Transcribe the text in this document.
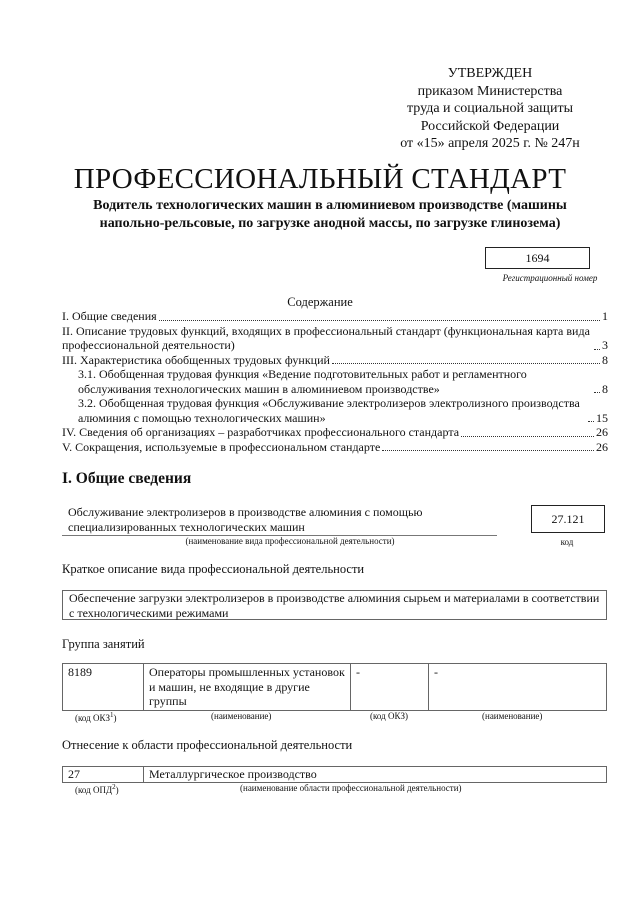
УТВЕРЖДЕН
приказом Министерства
труда и социальной защиты
Российской Федерации
от «15» апреля 2025 г. № 247н
ПРОФЕССИОНАЛЬНЫЙ СТАНДАРТ
Водитель технологических машин в алюминиевом производстве (машины напольно-рельсовые, по загрузке анодной массы, по загрузке глинозема)
1694
Регистрационный номер
Содержание
I. Общие сведения	1
II. Описание трудовых функций, входящих в профессиональный стандарт (функциональная карта вида профессиональной деятельности)	3
III. Характеристика обобщенных трудовых функций	8
3.1. Обобщенная трудовая функция «Ведение подготовительных работ и регламентного обслуживания технологических машин в алюминиевом производстве»	8
3.2. Обобщенная трудовая функция «Обслуживание электролизеров электролизного производства алюминия с помощью технологических машин»	15
IV. Сведения об организациях – разработчиках профессионального стандарта	26
V. Сокращения, используемые в профессиональном стандарте	26
I. Общие сведения
Обслуживание электролизеров в производстве алюминия с помощью специализированных технологических машин
(наименование вида профессиональной деятельности)
27.121
код
Краткое описание вида профессиональной деятельности
Обеспечение загрузки электролизеров в производстве алюминия сырьем и материалами в соответствии с технологическими режимами
Группа занятий
8189	Операторы промышленных установок и машин, не входящие в другие группы	-	-
(код ОКЗ$^1$)	(наименование)	(код ОКЗ)	(наименование)
Отнесение к области профессиональной деятельности
27	Металлургическое производство
(код ОПД$^2$)	(наименование области профессиональной деятельности)
